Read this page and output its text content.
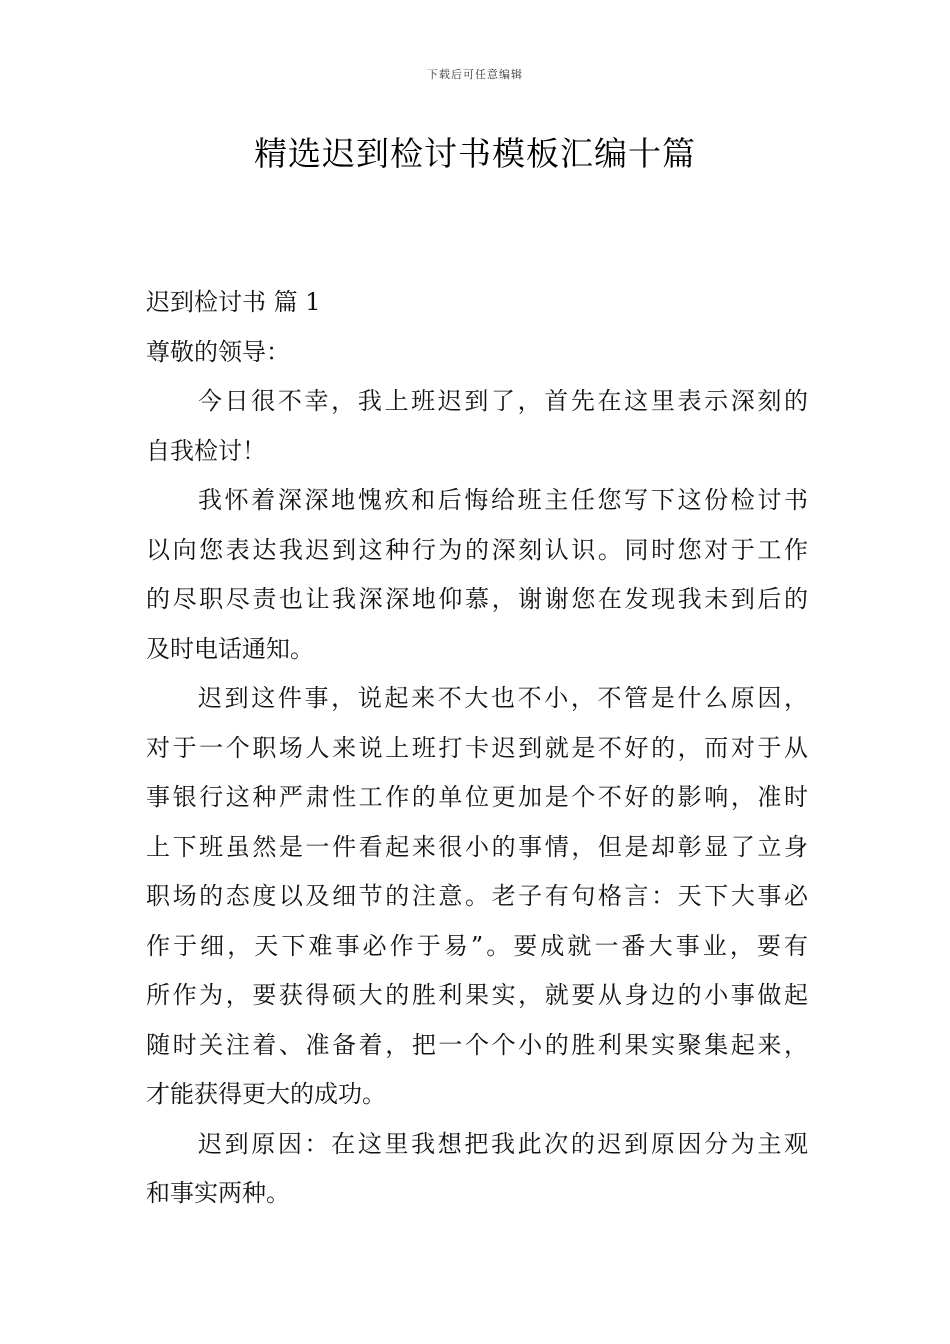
下载后可任意编辑
精选迟到检讨书模板汇编十篇

迟到检讨书 篇 1

尊敬的领导：

今日很不幸，我上班迟到了，首先在这里表示深刻的

自我检讨！

我怀着深深地愧疚和后悔给班主任您写下这份检讨书

以向您表达我迟到这种行为的深刻认识。同时您对于工作

的尽职尽责也让我深深地仰慕，谢谢您在发现我未到后的

及时电话通知。

迟到这件事，说起来不大也不小，不管是什么原因，

对于一个职场人来说上班打卡迟到就是不好的，而对于从

事银行这种严肃性工作的单位更加是个不好的影响，准时

上下班虽然是一件看起来很小的事情，但是却彰显了立身

职场的态度以及细节的注意。老子有句格言：天下大事必

作于细，天下难事必作于易”。要成就一番大事业，要有

所作为，要获得硕大的胜利果实，就要从身边的小事做起

随时关注着、准备着，把一个个小的胜利果实聚集起来，

才能获得更大的成功。

迟到原因：在这里我想把我此次的迟到原因分为主观

和事实两种。
